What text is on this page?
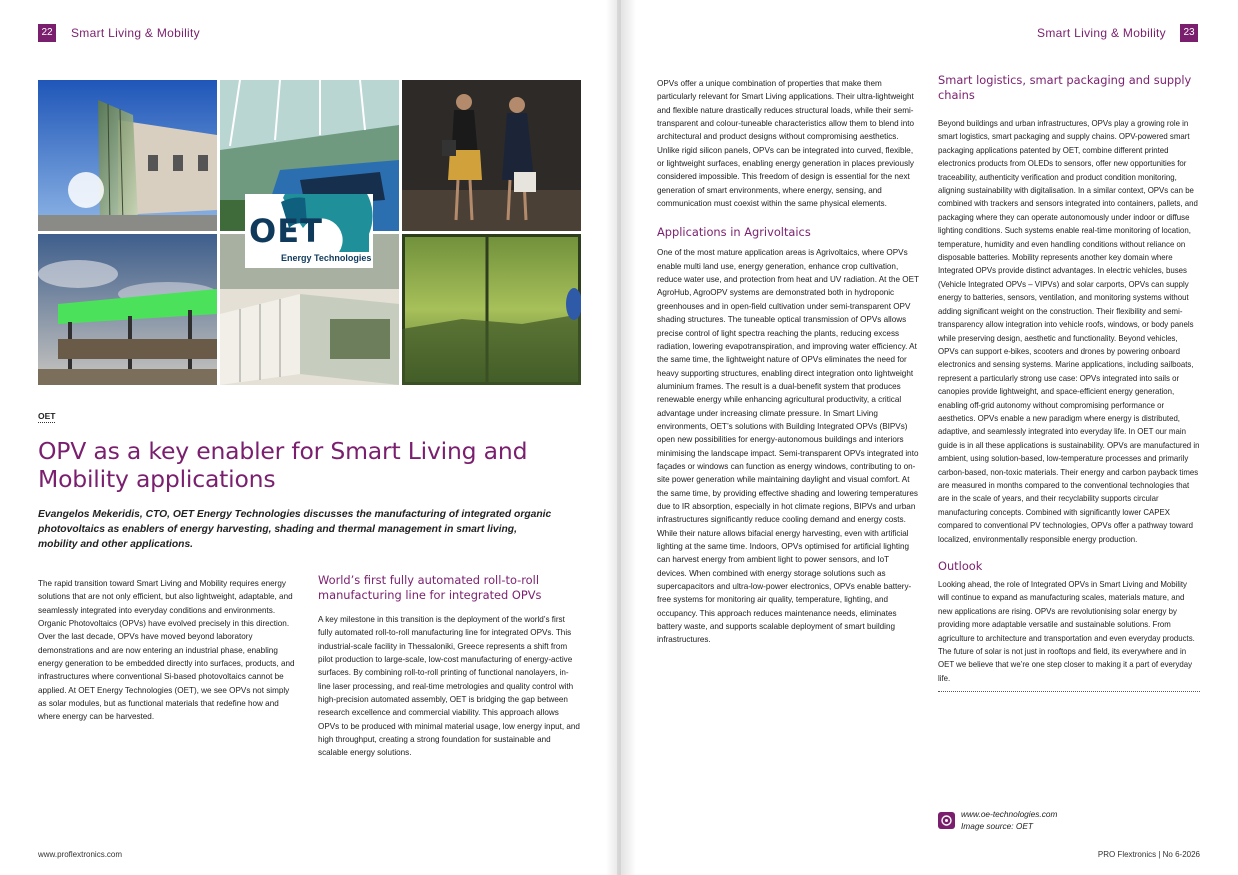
22 Smart Living & Mobility
OET
Energy Technologies
OET
OPV as a key enabler for Smart Living and Mobility applications
Evangelos Mekeridis, CTO, OET Energy Technologies discusses the manufacturing of integrated organic photovoltaics as enablers of energy harvesting, shading and thermal management in smart living, mobility and other applications.

The rapid transition toward Smart Living and Mobility requires energy solutions that are not only efficient, but also lightweight, adaptable, and seamlessly integrated into everyday conditions and environments. Organic Photovoltaics (OPVs) have evolved precisely in this direction. Over the last decade, OPVs have moved beyond laboratory demonstrations and are now entering an industrial phase, enabling energy generation to be embedded directly into surfaces, products, and infrastructures where conventional Si-based photovoltaics cannot be applied. At OET Energy Technologies (OET), we see OPVs not simply as solar modules, but as functional materials that redefine how and where energy can be harvested.

World’s first fully automated roll-to-roll manufacturing line for integrated OPVs

A key milestone in this transition is the deployment of the world’s first fully automated roll-to-roll manufacturing line for integrated OPVs. This industrial-scale facility in Thessaloniki, Greece represents a shift from pilot production to large-scale, low-cost manufacturing of energy-active surfaces. By combining roll-to-roll printing of functional nanolayers, in-line laser processing, and real-time metrologies and quality control with high-precision automated assembly, OET is bridging the gap between research excellence and commercial viability. This approach allows OPVs to be produced with minimal material usage, low energy input, and high throughput, creating a strong foundation for sustainable and scalable energy solutions.

www.proflextronics.com
Smart Living & Mobility	23

OPVs offer a unique combination of properties that make them particularly relevant for Smart Living applications. Their ultra-lightweight and flexible nature drastically reduces structural loads, while their semi-transparent and colour-tuneable characteristics allow them to blend into architectural and product designs without compromising aesthetics. Unlike rigid silicon panels, OPVs can be integrated into curved, flexible, or lightweight surfaces, enabling energy generation in places previously considered impossible. This freedom of design is essential for the next generation of smart environments, where energy, sensing, and communication must coexist within the same physical elements.

Applications in Agrivoltaics

One of the most mature application areas is Agrivoltaics, where OPVs enable multi land use, energy generation, enhance crop cultivation, reduce water use, and protection from heat and UV radiation. At the OET AgroHub, AgroOPV systems are demonstrated both in hydroponic greenhouses and in open-field cultivation under semi-transparent OPV shading structures. The tuneable optical transmission of OPVs allows precise control of light spectra reaching the plants, reducing excess radiation, lowering evapotranspiration, and improving water efficiency. At the same time, the lightweight nature of OPVs eliminates the need for heavy supporting structures, enabling direct integration onto lightweight aluminium frames. The result is a dual-benefit system that produces renewable energy while enhancing agricultural productivity, a critical advantage under increasing climate pressure. In Smart Living environments, OET’s solutions with Building Integrated OPVs (BIPVs) open new possibilities for energy-autonomous buildings and interiors minimising the landscape impact. Semi-transparent OPVs integrated into façades or windows can function as energy windows, contributing to on-site power generation while maintaining daylight and visual comfort. At the same time, by providing effective shading and lowering temperatures due to IR absorption, especially in hot climate regions, BIPVs and urban infrastructures significantly reduce cooling demand and energy costs. While their nature allows bifacial energy harvesting, even with artificial lighting at the same time. Indoors, OPVs optimised for artificial lighting can harvest energy from ambient light to power sensors, and IoT devices. When combined with energy storage solutions such as supercapacitors and ultra-low-power electronics, OPVs enable battery-free systems for monitoring air quality, temperature, lighting, and occupancy. This approach reduces maintenance needs, eliminates battery waste, and supports scalable deployment of smart building infrastructures.

Smart logistics, smart packaging and supply chains

Beyond buildings and urban infrastructures, OPVs play a growing role in smart logistics, smart packaging and supply chains. OPV-powered smart packaging applications patented by OET, combine different printed electronics products from OLEDs to sensors, offer new opportunities for traceability, authenticity verification and product condition monitoring, aligning sustainability with digitalisation. In a similar context, OPVs can be combined with trackers and sensors integrated into containers, pallets, and packaging where they can operate autonomously under indoor or diffuse lighting conditions. Such systems enable real-time monitoring of location, temperature, humidity and even handling conditions without reliance on disposable batteries. Mobility represents another key domain where Integrated OPVs provide distinct advantages. In electric vehicles, buses (Vehicle Integrated OPVs – VIPVs) and solar carports, OPVs can supply energy to batteries, sensors, ventilation, and monitoring systems without adding significant weight on the construction. Their flexibility and semi-transparency allow integration into vehicle roofs, windows, or body panels while preserving design, aesthetic and functionality. Beyond vehicles, OPVs can support e-bikes, scooters and drones by powering onboard electronics and sensing systems. Marine applications, including sailboats, represent a particularly strong use case: OPVs integrated into sails or canopies provide lightweight, and space-efficient energy generation, enabling off-grid autonomy without compromising performance or aesthetics. OPVs enable a new paradigm where energy is distributed, adaptive, and seamlessly integrated into everyday life. In OET our main guide is in all these applications is sustainability. OPVs are manufactured in ambient, using solution-based, low-temperature processes and primarily carbon-based, non-toxic materials. Their energy and carbon payback times are measured in months compared to the conventional technologies that are in the scale of years, and their recyclability supports circular manufacturing concepts. Combined with significantly lower CAPEX compared to conventional PV technologies, OPVs offer a pathway toward localized, environmentally responsible energy production.

Outlook

Looking ahead, the role of Integrated OPVs in Smart Living and Mobility will continue to expand as manufacturing scales, materials mature, and new applications are rising. OPVs are revolutionising solar energy by providing more adaptable versatile and sustainable solutions. From agriculture to architecture and transportation and even everyday products. The future of solar is not just in rooftops and field, its everywhere and in OET we believe that we’re one step closer to making it a part of everyday life.

www.oe-technologies.com
Image source: OET
PRO Flextronics | No 6-2026
